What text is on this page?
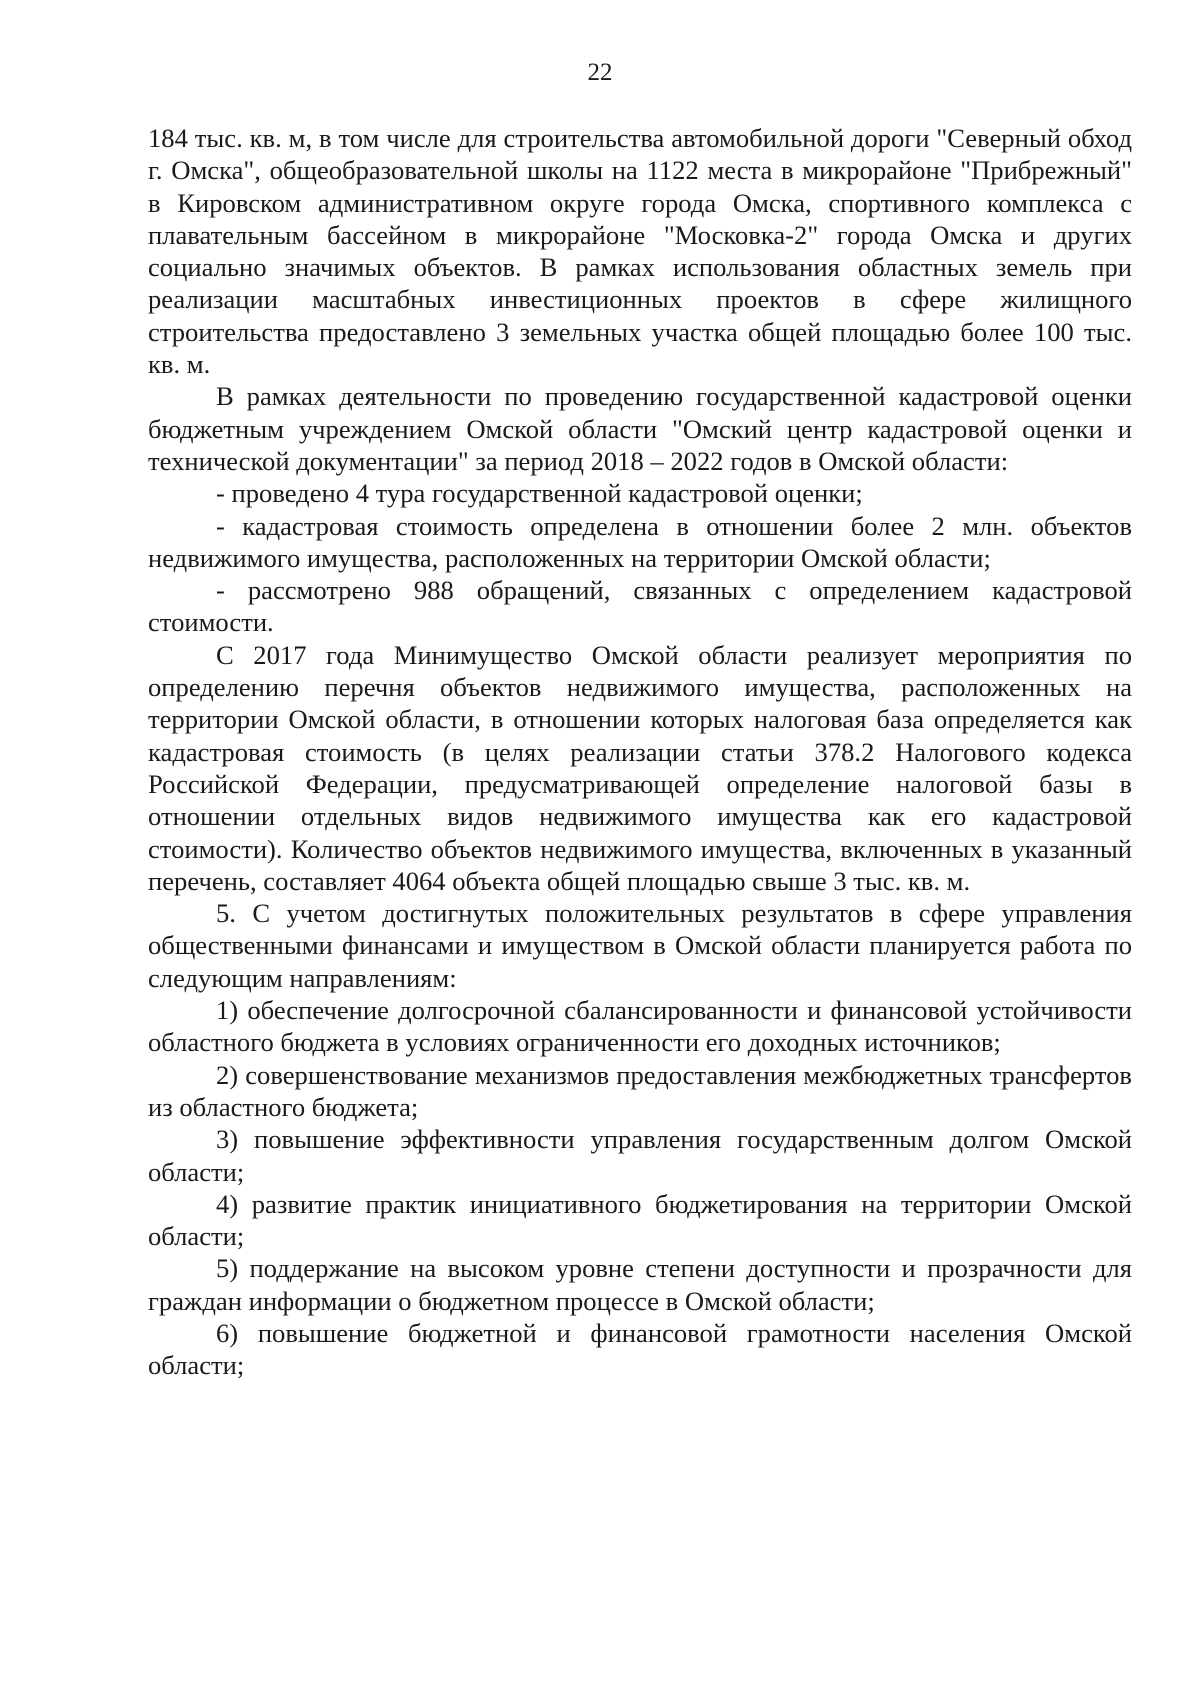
22

184 тыс. кв. м, в том числе для строительства автомобильной дороги "Северный обход г. Омска", общеобразовательной школы на 1122 места в микрорайоне "Прибрежный" в Кировском административном округе города Омска, спортивного комплекса с плавательным бассейном в микрорайоне "Московка-2" города Омска и других социально значимых объектов. В рамках использования областных земель при реализации масштабных инвестиционных проектов в сфере жилищного строительства предоставлено 3 земельных участка общей площадью более 100 тыс. кв. м.

В рамках деятельности по проведению государственной кадастровой оценки бюджетным учреждением Омской области "Омский центр кадастровой оценки и технической документации" за период 2018 – 2022 годов в Омской области:

- проведено 4 тура государственной кадастровой оценки;

- кадастровая стоимость определена в отношении более 2 млн. объектов недвижимого имущества, расположенных на территории Омской области;

- рассмотрено 988 обращений, связанных с определением кадастровой стоимости.

С 2017 года Минимущество Омской области реализует мероприятия по определению перечня объектов недвижимого имущества, расположенных на территории Омской области, в отношении которых налоговая база определяется как кадастровая стоимость (в целях реализации статьи 378.2 Налогового кодекса Российской Федерации, предусматривающей определение налоговой базы в отношении отдельных видов недвижимого имущества как его кадастровой стоимости). Количество объектов недвижимого имущества, включенных в указанный перечень, составляет 4064 объекта общей площадью свыше 3 тыс. кв. м.

5. С учетом достигнутых положительных результатов в сфере управления общественными финансами и имуществом в Омской области планируется работа по следующим направлениям:

1) обеспечение долгосрочной сбалансированности и финансовой устойчивости областного бюджета в условиях ограниченности его доходных источников;

2) совершенствование механизмов предоставления межбюджетных трансфертов из областного бюджета;

3) повышение эффективности управления государственным долгом Омской области;

4) развитие практик инициативного бюджетирования на территории Омской области;

5) поддержание на высоком уровне степени доступности и прозрачности для граждан информации о бюджетном процессе в Омской области;

6) повышение бюджетной и финансовой грамотности населения Омской области;
